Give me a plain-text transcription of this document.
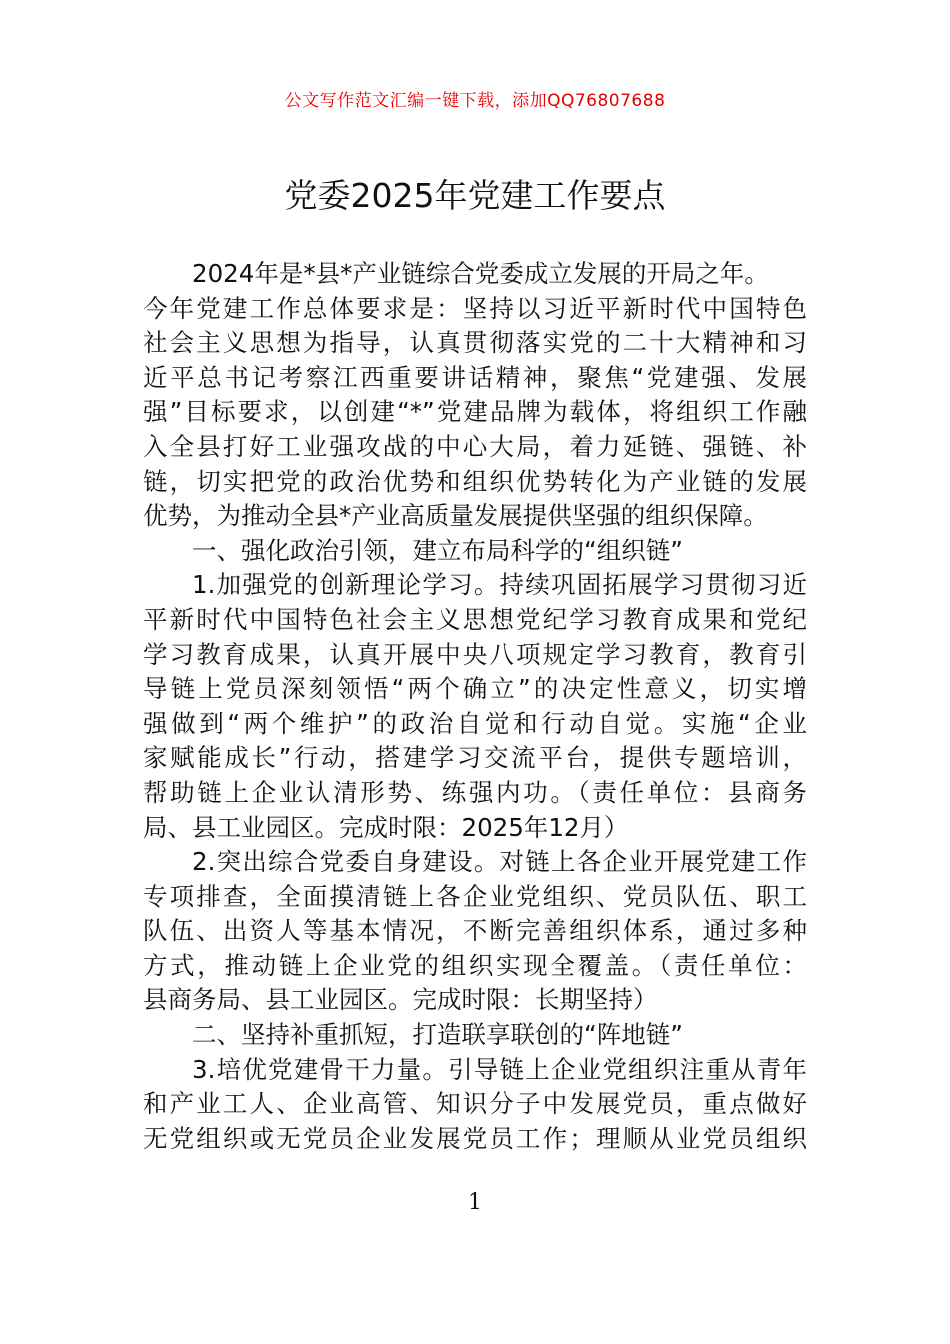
公文写作范文汇编一键下载，添加QQ76807688
党委2025年党建工作要点
2024年是*县*产业链综合党委成立发展的开局之年。
今年党建工作总体要求是：坚持以习近平新时代中国特色
社会主义思想为指导，认真贯彻落实党的二十大精神和习
近平总书记考察江西重要讲话精神，聚焦“党建强、发展
强”目标要求，以创建“*”党建品牌为载体，将组织工作融
入全县打好工业强攻战的中心大局，着力延链、强链、补
链，切实把党的政治优势和组织优势转化为产业链的发展
优势，为推动全县*产业高质量发展提供坚强的组织保障。
一、强化政治引领，建立布局科学的“组织链”
1.加强党的创新理论学习。持续巩固拓展学习贯彻习近
平新时代中国特色社会主义思想党纪学习教育成果和党纪
学习教育成果，认真开展中央八项规定学习教育，教育引
导链上党员深刻领悟“两个确立”的决定性意义，切实增
强做到“两个维护”的政治自觉和行动自觉。实施“企业
家赋能成长”行动，搭建学习交流平台，提供专题培训，
帮助链上企业认清形势、练强内功。（责任单位：县商务
局、县工业园区。完成时限：2025年12月）
2.突出综合党委自身建设。对链上各企业开展党建工作
专项排查，全面摸清链上各企业党组织、党员队伍、职工
队伍、出资人等基本情况，不断完善组织体系，通过多种
方式，推动链上企业党的组织实现全覆盖。（责任单位：
县商务局、县工业园区。完成时限：长期坚持）
二、坚持补重抓短，打造联享联创的“阵地链”
3.培优党建骨干力量。引导链上企业党组织注重从青年
和产业工人、企业高管、知识分子中发展党员，重点做好
无党组织或无党员企业发展党员工作；理顺从业党员组织
1
